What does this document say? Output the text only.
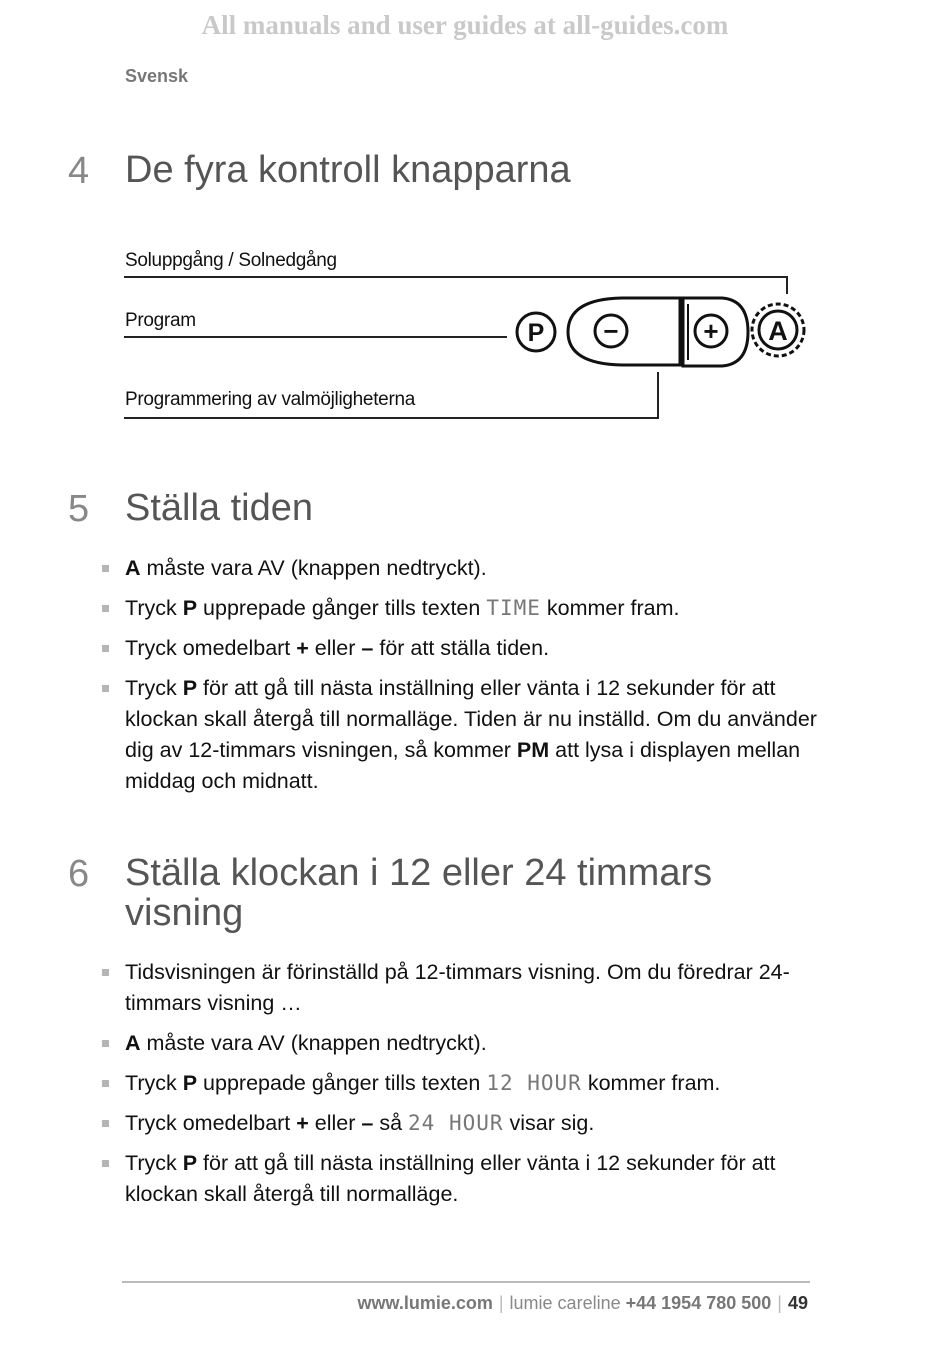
All manuals and user guides at all-guides.com
Svensk
4 De fyra kontroll knapparna
Soluppgång / Solnedgång
Program
Programmering av valmöjligheterna
P −	+ A
5 Ställa tiden
A måste vara AV (knappen nedtryckt).
Tryck P upprepade gånger tills texten TIME kommer fram.
Tryck omedelbart + eller – för att ställa tiden.
Tryck P för att gå till nästa inställning eller vänta i 12 sekunder för att klockan skall återgå till normalläge. Tiden är nu inställd. Om du använder dig av 12-timmars visningen, så kommer PM att lysa i displayen mellan middag och midnatt.
6 Ställa klockan i 12 eller 24 timmars
visning
Tidsvisningen är förinställd på 12-timmars visning. Om du föredrar 24-timmars visning …
A måste vara AV (knappen nedtryckt).
Tryck P upprepade gånger tills texten 12 HOUR kommer fram.
Tryck omedelbart + eller – så 24 HOUR visar sig.
Tryck P för att gå till nästa inställning eller vänta i 12 sekunder för att klockan skall återgå till normalläge.
www.lumie.com | lumie careline +44 1954 780 500 | 49
